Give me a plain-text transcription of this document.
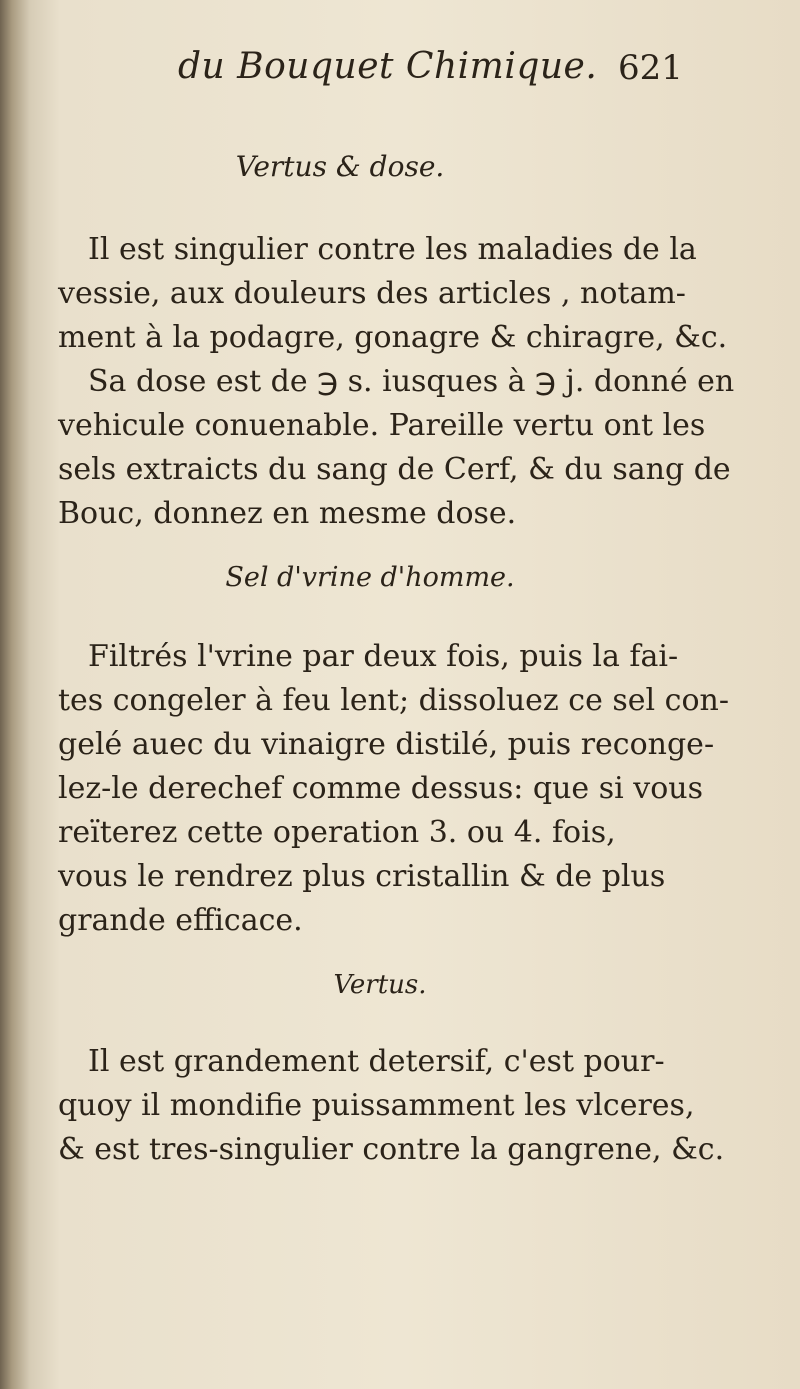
du Bouquet Chimique. 621
Vertus & dose.
Il est singulier contre les maladies de la
vessie, aux douleurs des articles , notam-
ment à la podagre, gonagre & chiragre, &c.
Sa dose est de ℈ s. iusques à ℈ j. donné en
vehicule conuenable. Pareille vertu ont les
sels extraicts du sang de Cerf, & du sang de
Bouc, donnez en mesme dose.
Sel d'vrine d'homme.
Filtrés l'vrine par deux fois, puis la fai-
tes congeler à feu lent; dissoluez ce sel con-
gelé auec du vinaigre distilé, puis reconge-
lez-le derechef comme dessus: que si vous
reïterez cette operation 3. ou 4. fois,
vous le rendrez plus cristallin & de plus
grande efficace.
Vertus.
Il est grandement detersif, c'est pour-
quoy il mondifie puissamment les vlceres,
& est tres-singulier contre la gangrene, &c.
